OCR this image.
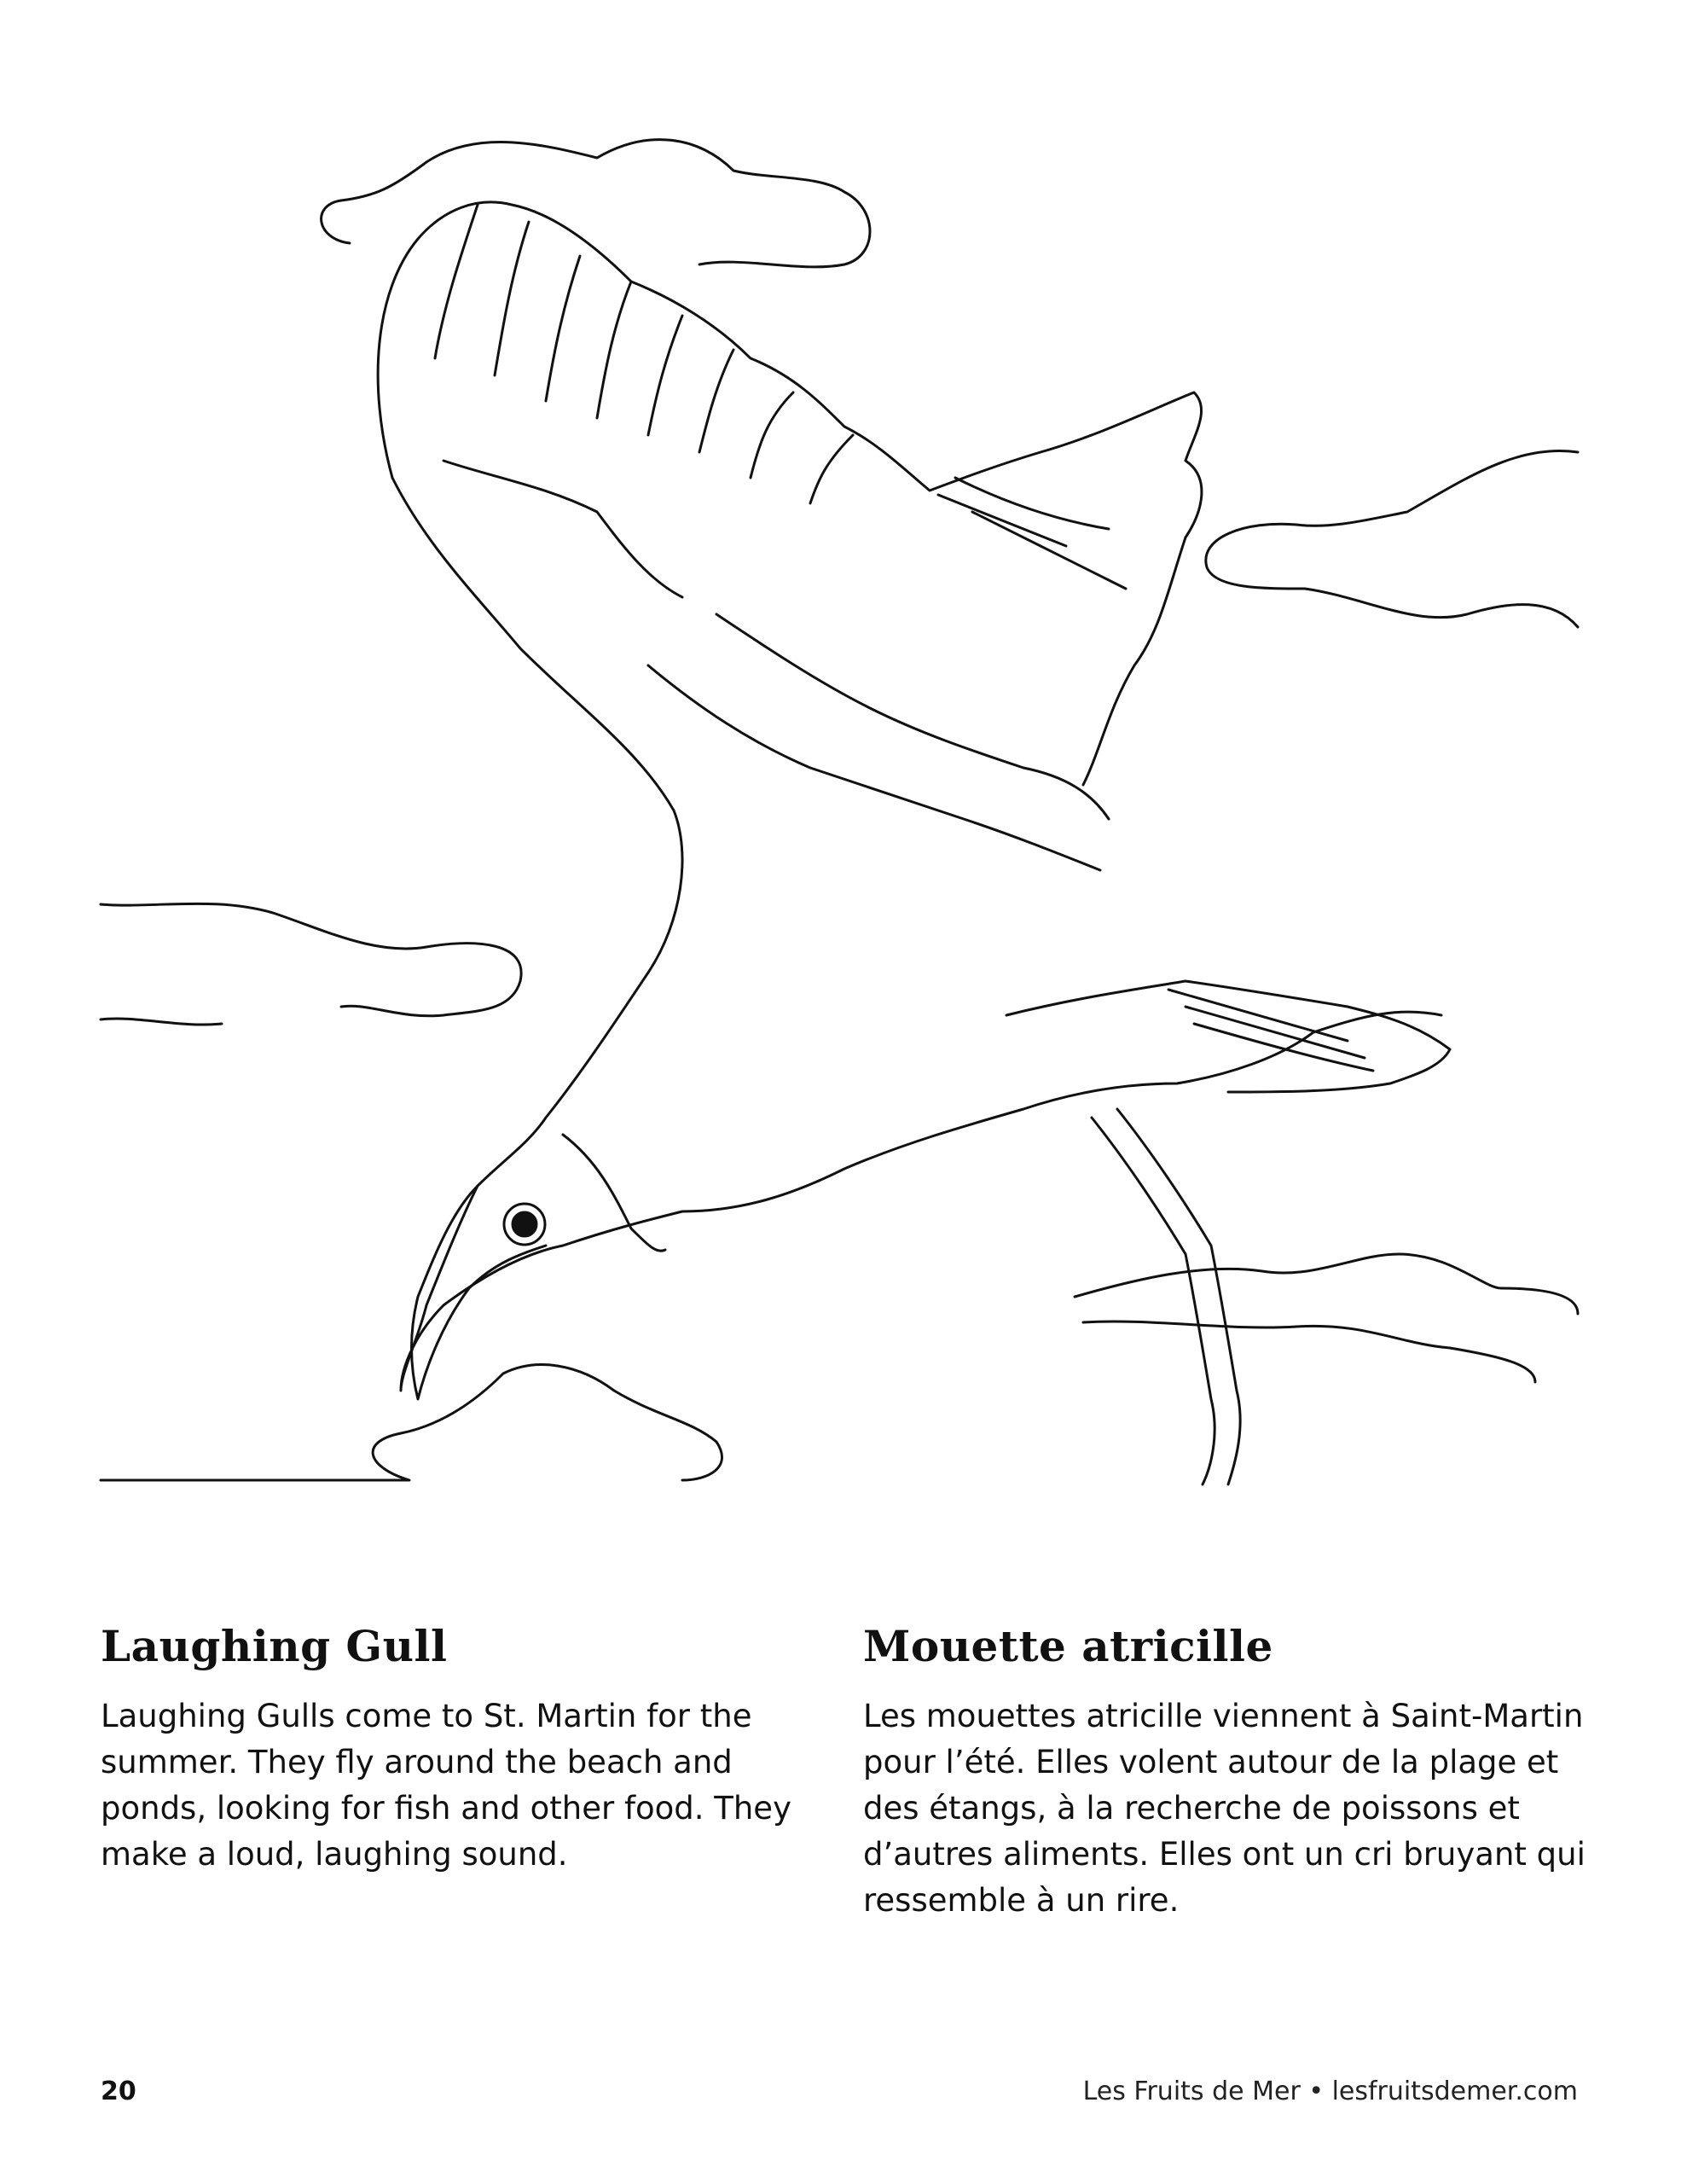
Laughing Gull

Laughing Gulls come to St. Martin for the summer. They fly around the beach and ponds, looking for fish and other food. They make a loud, laughing sound.

Mouette atricille

Les mouettes atricille viennent à Saint-Martin pour l’été. Elles volent autour de la plage et des étangs, à la recherche de poissons et d’autres aliments. Elles ont un cri bruyant qui ressemble à un rire.

20	Les Fruits de Mer • lesfruitsdemer.com
